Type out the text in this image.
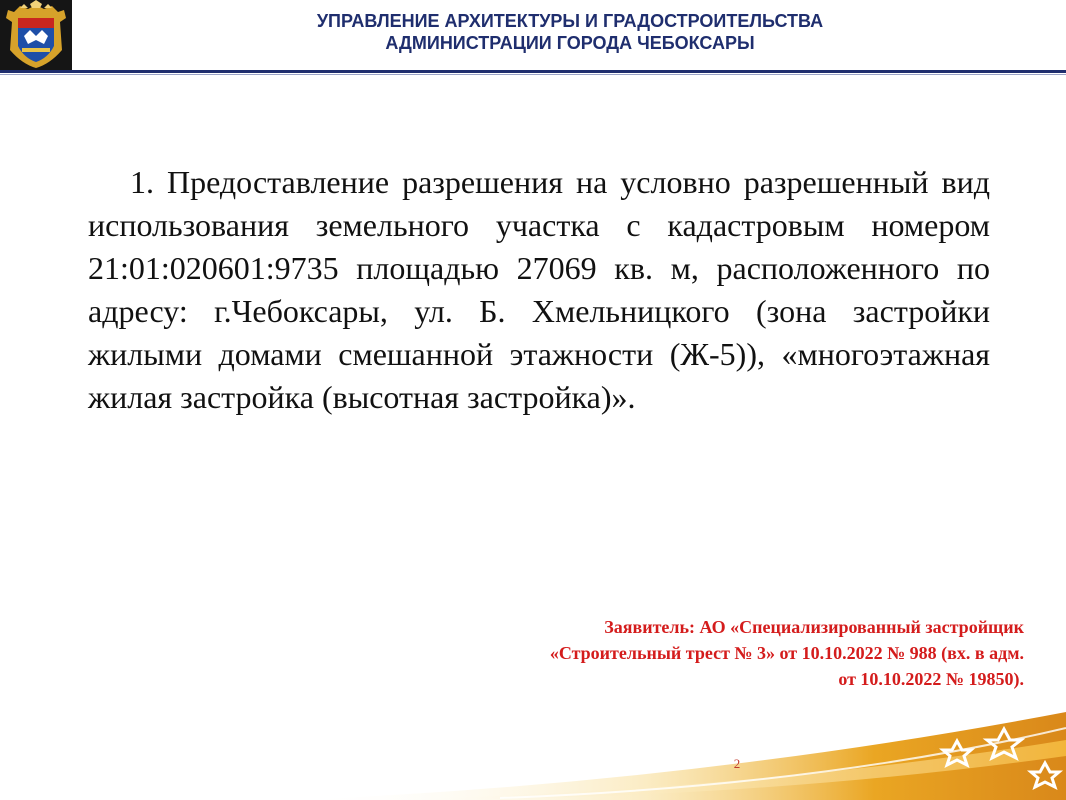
УПРАВЛЕНИЕ АРХИТЕКТУРЫ И ГРАДОСТРОИТЕЛЬСТВА
АДМИНИСТРАЦИИ ГОРОДА ЧЕБОКСАРЫ
1. Предоставление разрешения на условно разрешенный вид использования земельного участка с кадастровым номером 21:01:020601:9735 площадью 27069 кв. м, расположенного по адресу: г.Чебоксары, ул. Б. Хмельницкого (зона застройки жилыми домами смешанной этажности (Ж-5)), «многоэтажная жилая застройка (высотная застройка)».
Заявитель: АО «Специализированный застройщик «Строительный трест № 3» от 10.10.2022 № 988 (вх. в адм. от 10.10.2022 № 19850).
2
